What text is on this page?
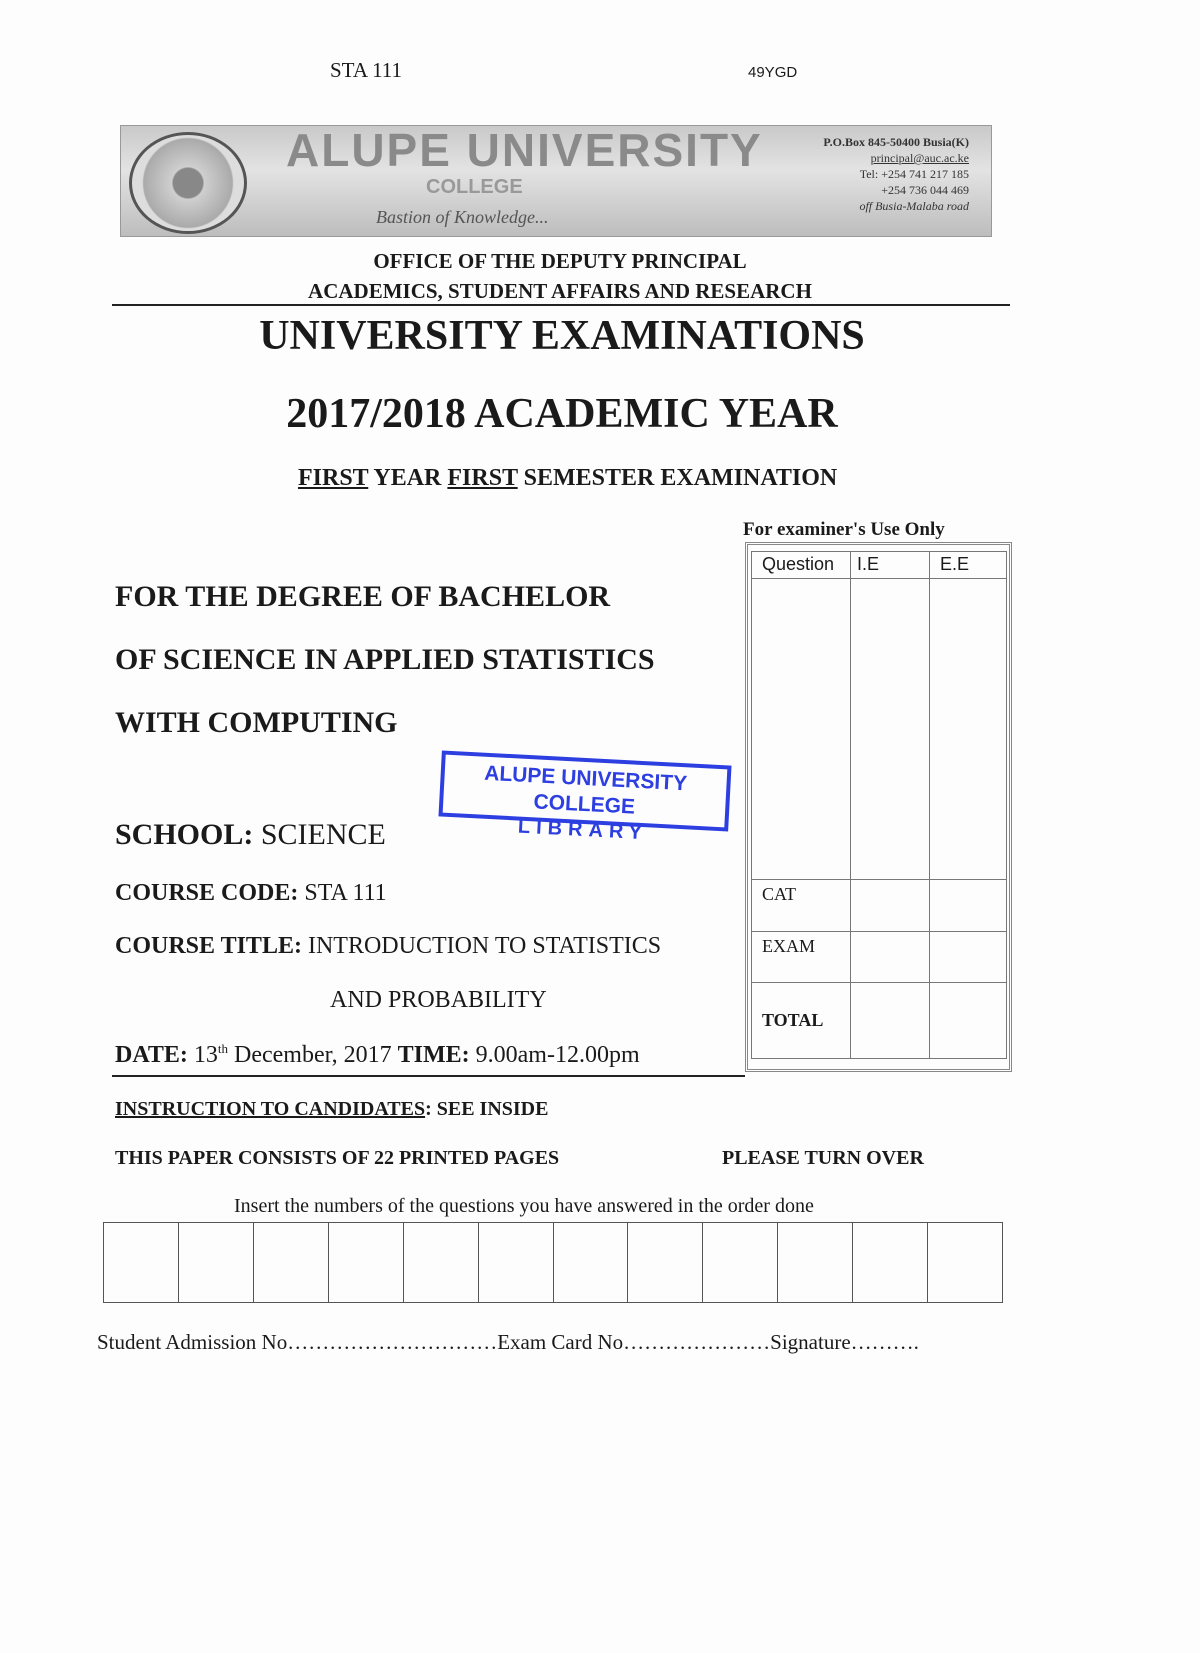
STA 111	49YGD
ALUPE UNIVERSITY
COLLEGE
Bastion of Knowledge...
P.O.Box 845-50400 Busia(K)
principal@auc.ac.ke
Tel: +254 741 217 185
+254 736 044 469
off Busia-Malaba road
OFFICE OF THE DEPUTY PRINCIPAL
ACADEMICS, STUDENT AFFAIRS AND RESEARCH
UNIVERSITY EXAMINATIONS
2017/2018 ACADEMIC YEAR
FIRST YEAR FIRST SEMESTER EXAMINATION
FOR THE DEGREE OF BACHELOR
OF SCIENCE IN APPLIED STATISTICS
WITH COMPUTING
ALUPE UNIVERSITY COLLEGE
LIBRARY
SCHOOL: SCIENCE
COURSE CODE: STA 111
COURSE TITLE: INTRODUCTION TO STATISTICS
AND PROBABILITY
DATE: 13th December, 2017 TIME: 9.00am-12.00pm
For examiner's Use Only
Question	I.E	E.E

CAT		
EXAM		
TOTAL		
INSTRUCTION TO CANDIDATES: SEE INSIDE
THIS PAPER CONSISTS OF 22 PRINTED PAGES	PLEASE TURN OVER
Insert the numbers of the questions you have answered in the order done
Student Admission No…………………………Exam Card No…………………Signature……….
